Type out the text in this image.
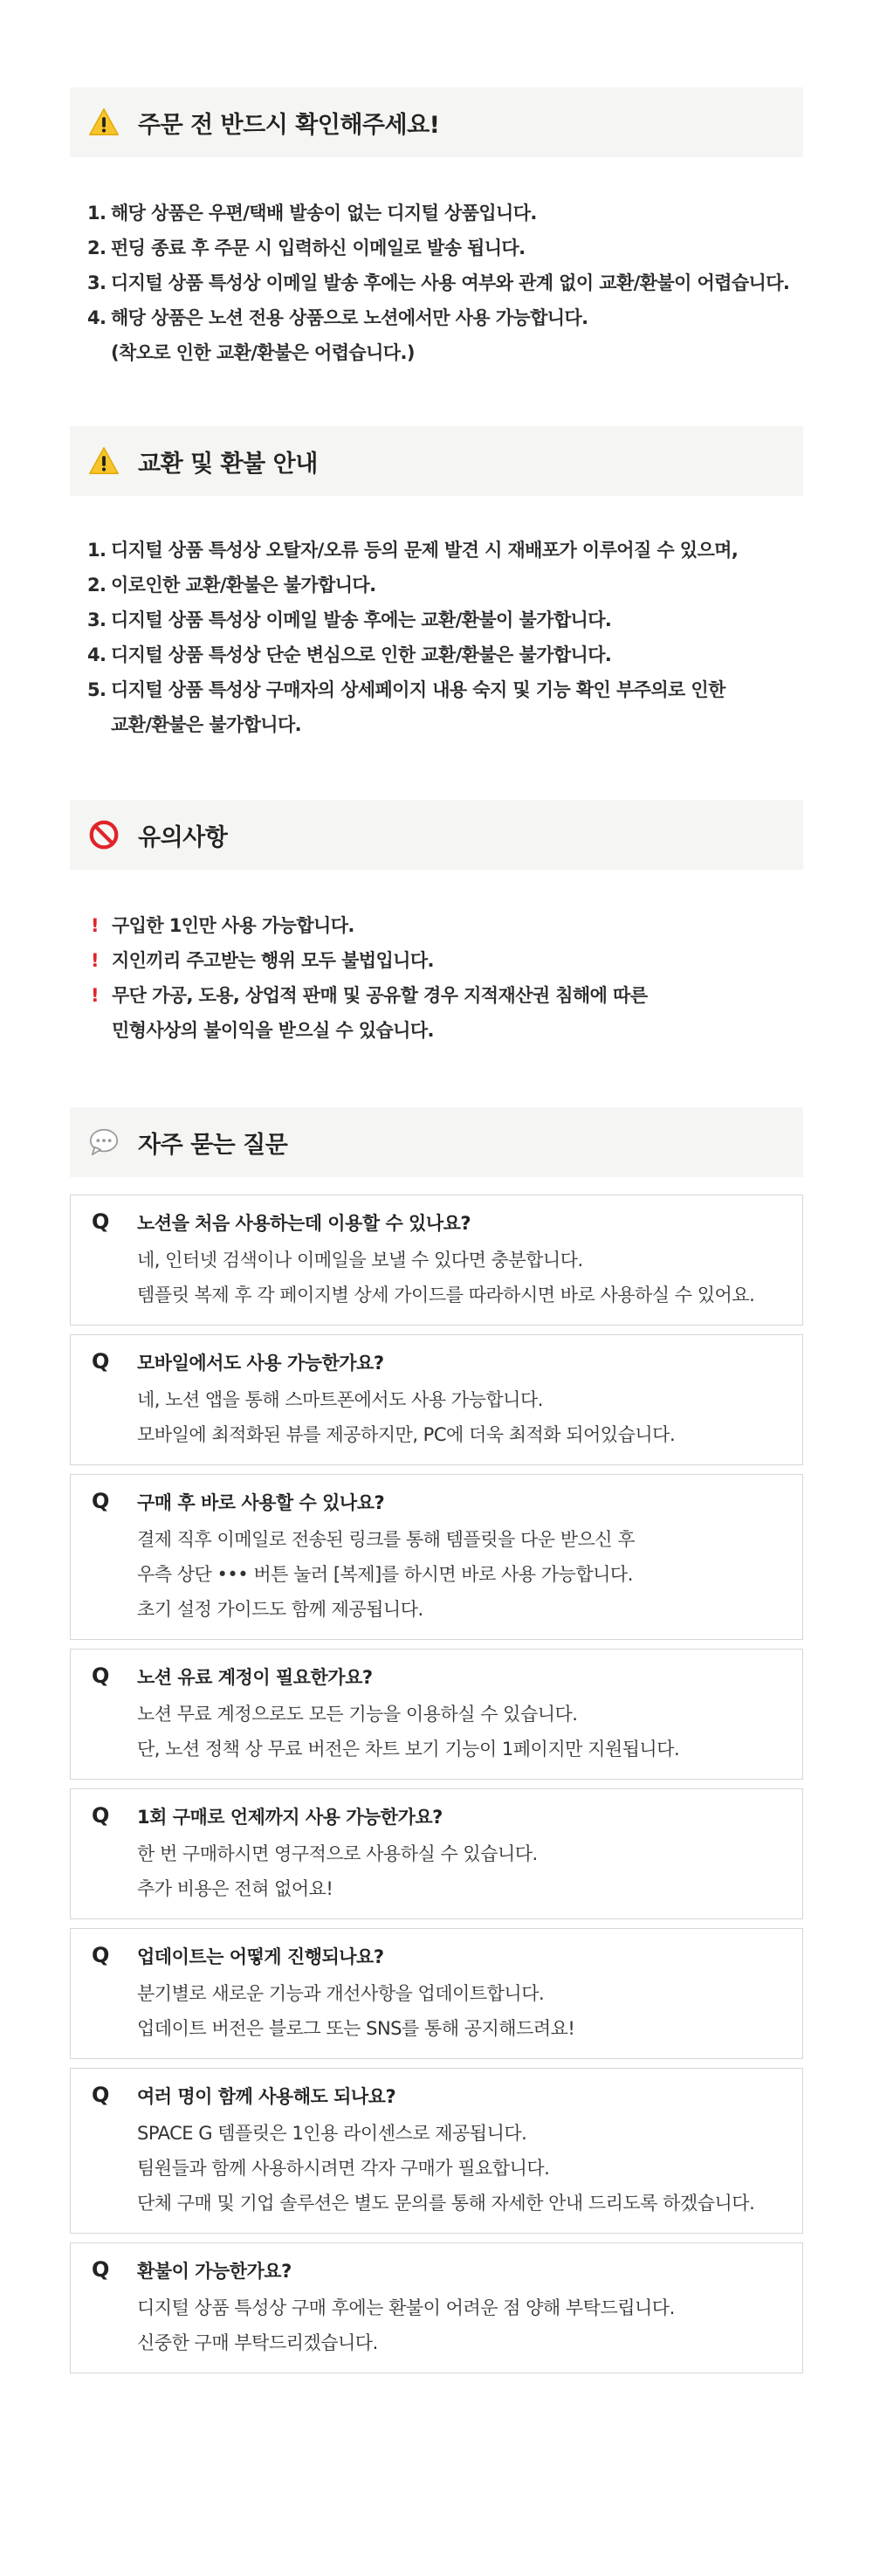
주문 전 반드시 확인해주세요!
1. 해당 상품은 우편/택배 발송이 없는 디지털 상품입니다.
2. 펀딩 종료 후 주문 시 입력하신 이메일로 발송 됩니다.
3. 디지털 상품 특성상 이메일 발송 후에는 사용 여부와 관계 없이 교환/환불이 어렵습니다.
4. 해당 상품은 노션 전용 상품으로 노션에서만 사용 가능합니다.
(착오로 인한 교환/환불은 어렵습니다.)
교환 및 환불 안내
1. 디지털 상품 특성상 오탈자/오류 등의 문제 발견 시 재배포가 이루어질 수 있으며,
2. 이로인한 교환/환불은 불가합니다.
3. 디지털 상품 특성상 이메일 발송 후에는 교환/환불이 불가합니다.
4. 디지털 상품 특성상 단순 변심으로 인한 교환/환불은 불가합니다.
5. 디지털 상품 특성상 구매자의 상세페이지 내용 숙지 및 기능 확인 부주의로 인한
교환/환불은 불가합니다.
유의사항
! 구입한 1인만 사용 가능합니다.
! 지인끼리 주고받는 행위 모두 불법입니다.
! 무단 가공, 도용, 상업적 판매 및 공유할 경우 지적재산권 침해에 따른
민형사상의 불이익을 받으실 수 있습니다.
자주 묻는 질문
Q 노션을 처음 사용하는데 이용할 수 있나요?
네, 인터넷 검색이나 이메일을 보낼 수 있다면 충분합니다.
템플릿 복제 후 각 페이지별 상세 가이드를 따라하시면 바로 사용하실 수 있어요.
Q 모바일에서도 사용 가능한가요?
네, 노션 앱을 통해 스마트폰에서도 사용 가능합니다.
모바일에 최적화된 뷰를 제공하지만, PC에 더욱 최적화 되어있습니다.
Q 구매 후 바로 사용할 수 있나요?
결제 직후 이메일로 전송된 링크를 통해 템플릿을 다운 받으신 후
우측 상단 ••• 버튼 눌러 [복제]를 하시면 바로 사용 가능합니다.
초기 설정 가이드도 함께 제공됩니다.
Q 노션 유료 계정이 필요한가요?
노션 무료 계정으로도 모든 기능을 이용하실 수 있습니다.
단, 노션 정책 상 무료 버전은 차트 보기 기능이 1페이지만 지원됩니다.
Q 1회 구매로 언제까지 사용 가능한가요?
한 번 구매하시면 영구적으로 사용하실 수 있습니다.
추가 비용은 전혀 없어요!
Q 업데이트는 어떻게 진행되나요?
분기별로 새로운 기능과 개선사항을 업데이트합니다.
업데이트 버전은 블로그 또는 SNS를 통해 공지해드려요!
Q 여러 명이 함께 사용해도 되나요?
SPACE G 템플릿은 1인용 라이센스로 제공됩니다.
팀원들과 함께 사용하시려면 각자 구매가 필요합니다.
단체 구매 및 기업 솔루션은 별도 문의를 통해 자세한 안내 드리도록 하겠습니다.
Q 환불이 가능한가요?
디지털 상품 특성상 구매 후에는 환불이 어려운 점 양해 부탁드립니다.
신중한 구매 부탁드리겠습니다.
